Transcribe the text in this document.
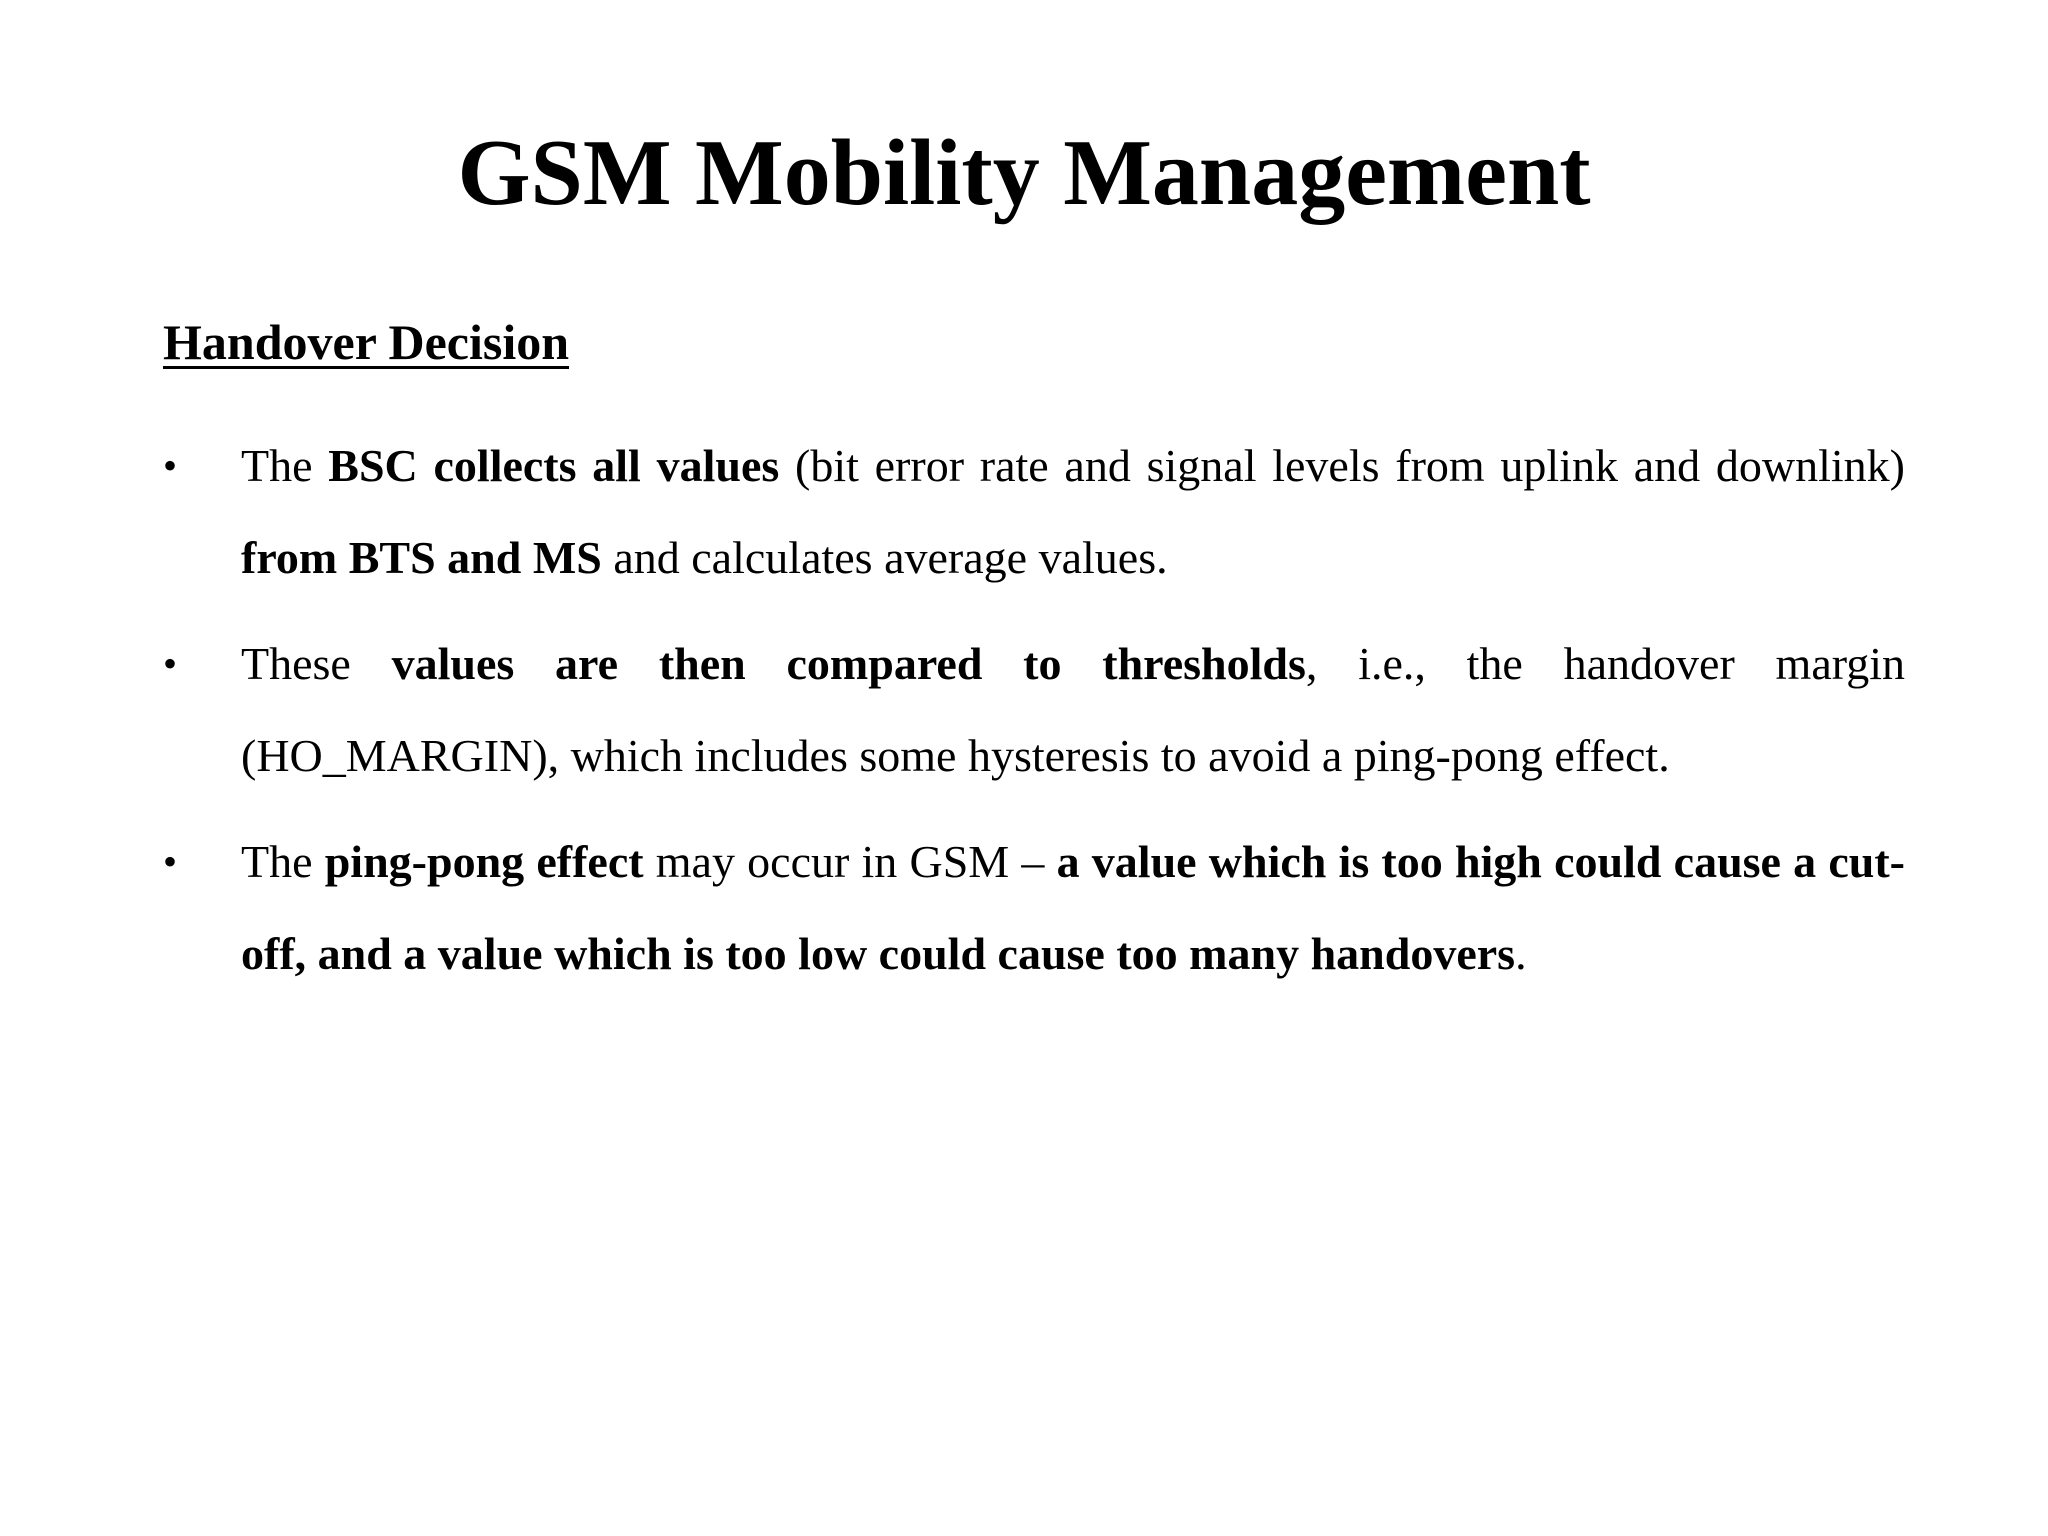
GSM Mobility Management
Handover Decision
•	The BSC collects all values (bit error rate and signal levels from uplink and downlink) from BTS and MS and calculates average values.
•	These values are then compared to thresholds, i.e., the handover margin (HO_MARGIN), which includes some hysteresis to avoid a ping-pong effect.
•	The ping-pong effect may occur in GSM – a value which is too high could cause a cut-off, and a value which is too low could cause too many handovers.
